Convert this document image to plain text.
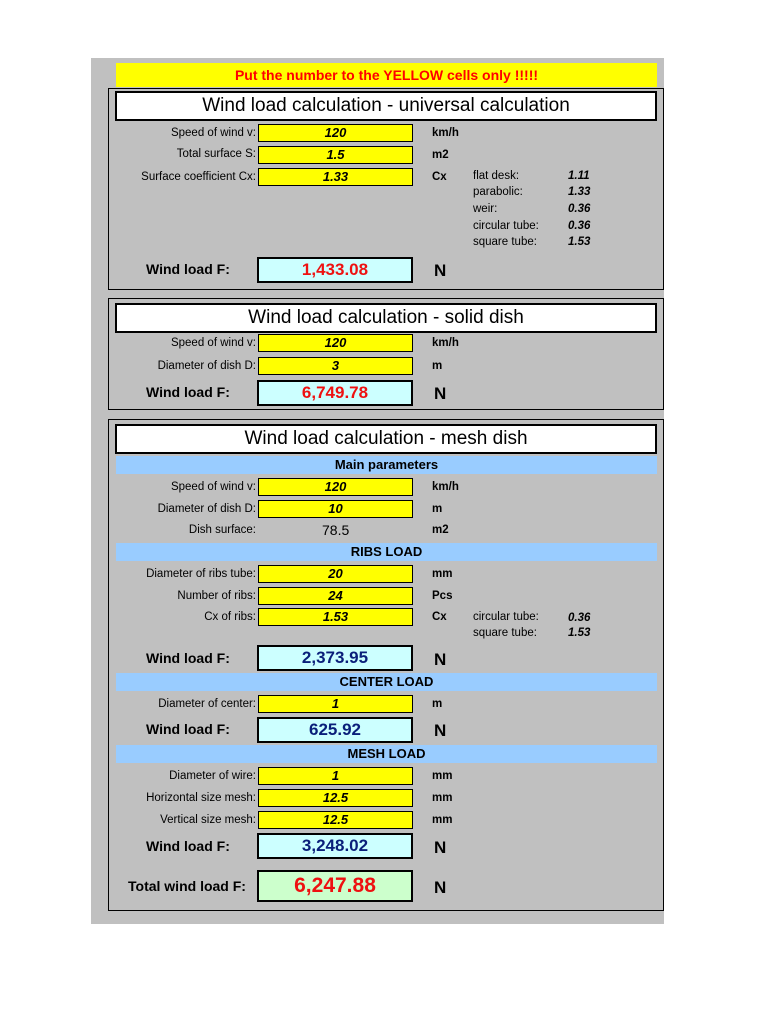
Put the number to the YELLOW cells only !!!!!
Wind load calculation - universal calculation
Speed of wind v:	120	km/h
Total surface S:	1.5	m2
Surface coefficient Cx:	1.33	Cx flat desk:	1.11
parabolic:	1.33
weir:	0.36
circular tube:	0.36
square tube:	1.53
Wind load F:	1,433.08	N
Wind load calculation - solid dish
Speed of wind v:	120	km/h
Diameter of dish D:	3	m
Wind load F:	6,749.78	N
Wind load calculation - mesh dish
Main parameters
Speed of wind v:	120	km/h
Diameter of dish D:	10	m
Dish surface:	78.5	m2
RIBS LOAD
Diameter of ribs tube:	20	mm
Number of ribs:	24	Pcs
Cx of ribs:	1.53	Cx circular tube:	0.36
square tube:	1.53
Wind load F:	2,373.95	N
CENTER LOAD
Diameter of center:	1	m
Wind load F:	625.92	N
MESH LOAD
Diameter of wire:	1	mm
Horizontal size mesh:	12.5	mm
Vertical size mesh:	12.5	mm
Wind load F:	3,248.02	N
Total wind load F:	6,247.88	N
